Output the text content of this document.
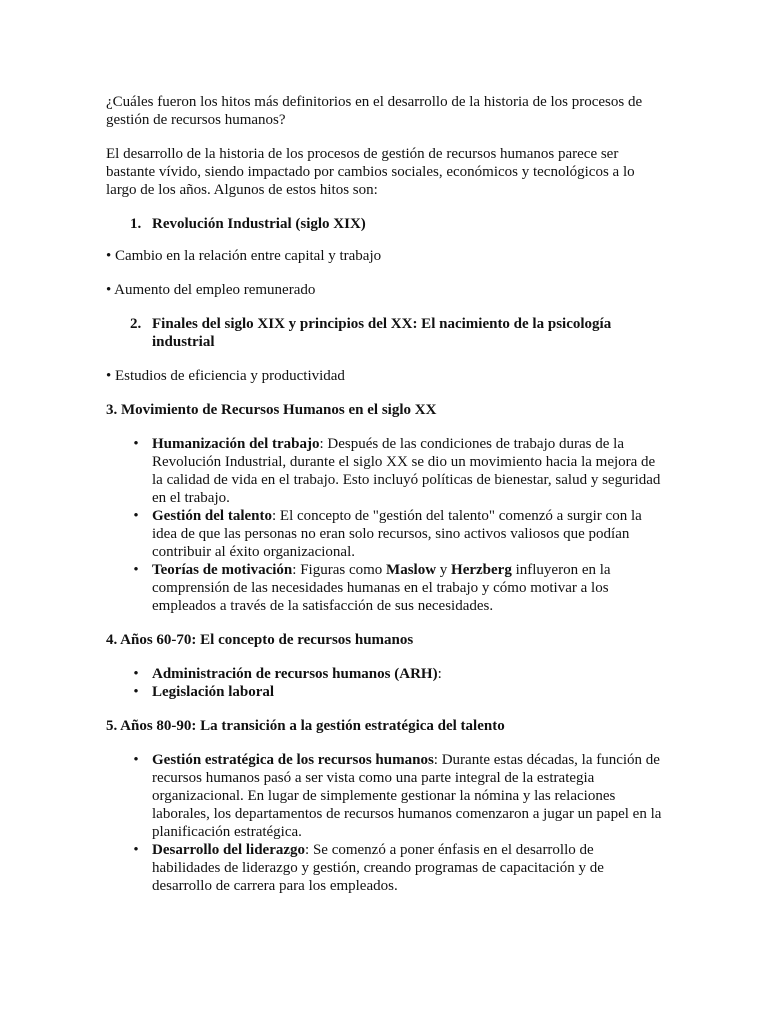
¿Cuáles fueron los hitos más definitorios en el desarrollo de la historia de los procesos de gestión de recursos humanos?

El desarrollo de la historia de los procesos de gestión de recursos humanos parece ser bastante vívido, siendo impactado por cambios sociales, económicos y tecnológicos a lo largo de los años. Algunos de estos hitos son:

1. Revolución Industrial (siglo XIX)

• Cambio en la relación entre capital y trabajo

• Aumento del empleo remunerado

2. Finales del siglo XIX y principios del XX: El nacimiento de la psicología industrial

• Estudios de eficiencia y productividad

3. Movimiento de Recursos Humanos en el siglo XX

• Humanización del trabajo: Después de las condiciones de trabajo duras de la Revolución Industrial, durante el siglo XX se dio un movimiento hacia la mejora de la calidad de vida en el trabajo. Esto incluyó políticas de bienestar, salud y seguridad en el trabajo.
• Gestión del talento: El concepto de "gestión del talento" comenzó a surgir con la idea de que las personas no eran solo recursos, sino activos valiosos que podían contribuir al éxito organizacional.
• Teorías de motivación: Figuras como Maslow y Herzberg influyeron en la comprensión de las necesidades humanas en el trabajo y cómo motivar a los empleados a través de la satisfacción de sus necesidades.

4. Años 60-70: El concepto de recursos humanos

• Administración de recursos humanos (ARH):
• Legislación laboral

5. Años 80-90: La transición a la gestión estratégica del talento

• Gestión estratégica de los recursos humanos: Durante estas décadas, la función de recursos humanos pasó a ser vista como una parte integral de la estrategia organizacional. En lugar de simplemente gestionar la nómina y las relaciones laborales, los departamentos de recursos humanos comenzaron a jugar un papel en la planificación estratégica.
• Desarrollo del liderazgo: Se comenzó a poner énfasis en el desarrollo de habilidades de liderazgo y gestión, creando programas de capacitación y de desarrollo de carrera para los empleados.
